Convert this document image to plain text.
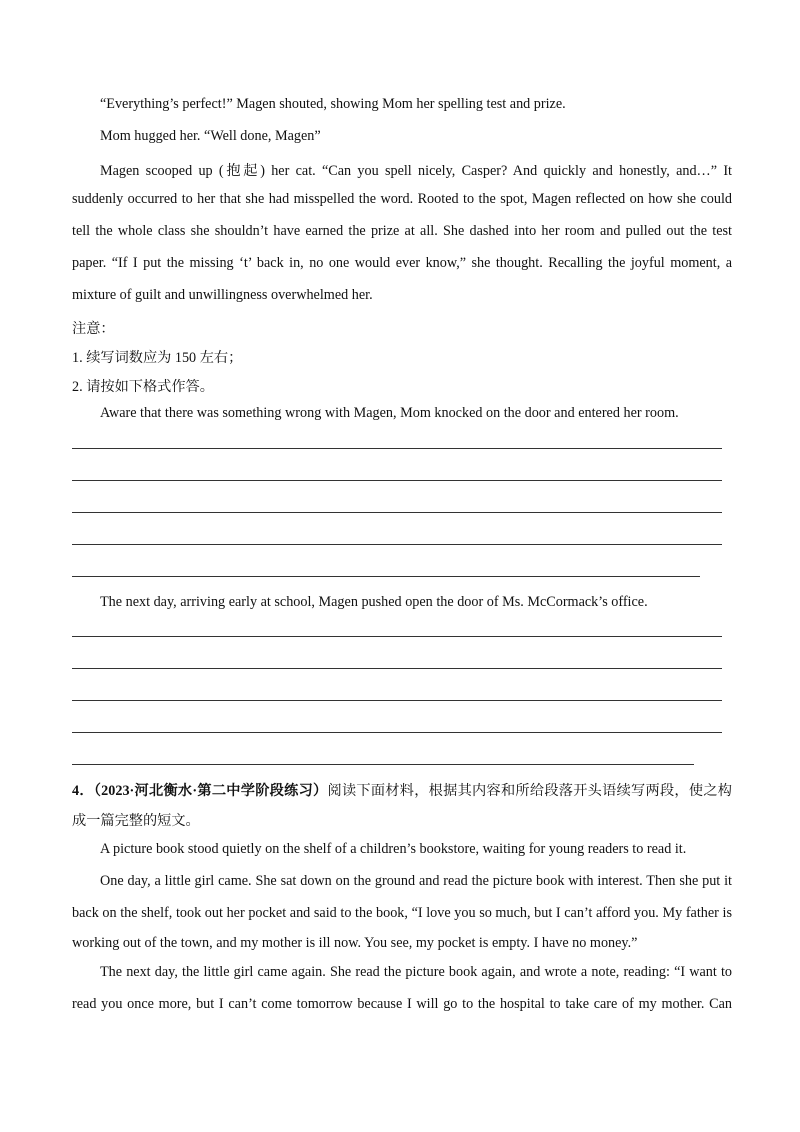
“Everything’s perfect!” Magen shouted, showing Mom her spelling test and prize.
Mom hugged her. “Well done, Magen”
Magen scooped up (抱起) her cat. “Can you spell nicely, Casper? And quickly and honestly, and…” It
suddenly occurred to her that she had misspelled the word. Rooted to the spot, Magen reflected on how she could
tell the whole class she shouldn’t have earned the prize at all. She dashed into her room and pulled out the test
paper. “If I put the missing ‘t’ back in, no one would ever know,” she thought. Recalling the joyful moment, a
mixture of guilt and unwillingness overwhelmed her.
注意：
1. 续写词数应为 150 左右；
2. 请按如下格式作答。
Aware that there was something wrong with Magen, Mom knocked on the door and entered her room.
The next day, arriving early at school, Magen pushed open the door of Ms. McCormack’s office.
4．（2023·河北衡水·第二中学阶段练习）阅读下面材料，根据其内容和所给段落开头语续写两段，使之构
成一篇完整的短文。
A picture book stood quietly on the shelf of a children’s bookstore, waiting for young readers to read it.
One day, a little girl came. She sat down on the ground and read the picture book with interest. Then she put it
back on the shelf, took out her pocket and said to the book, “I love you so much, but I can’t afford you. My father is
working out of the town, and my mother is ill now. You see, my pocket is empty. I have no money.”
The next day, the little girl came again. She read the picture book again, and wrote a note, reading: “I want to
read you once more, but I can’t come tomorrow because I will go to the hospital to take care of my mother. Can
